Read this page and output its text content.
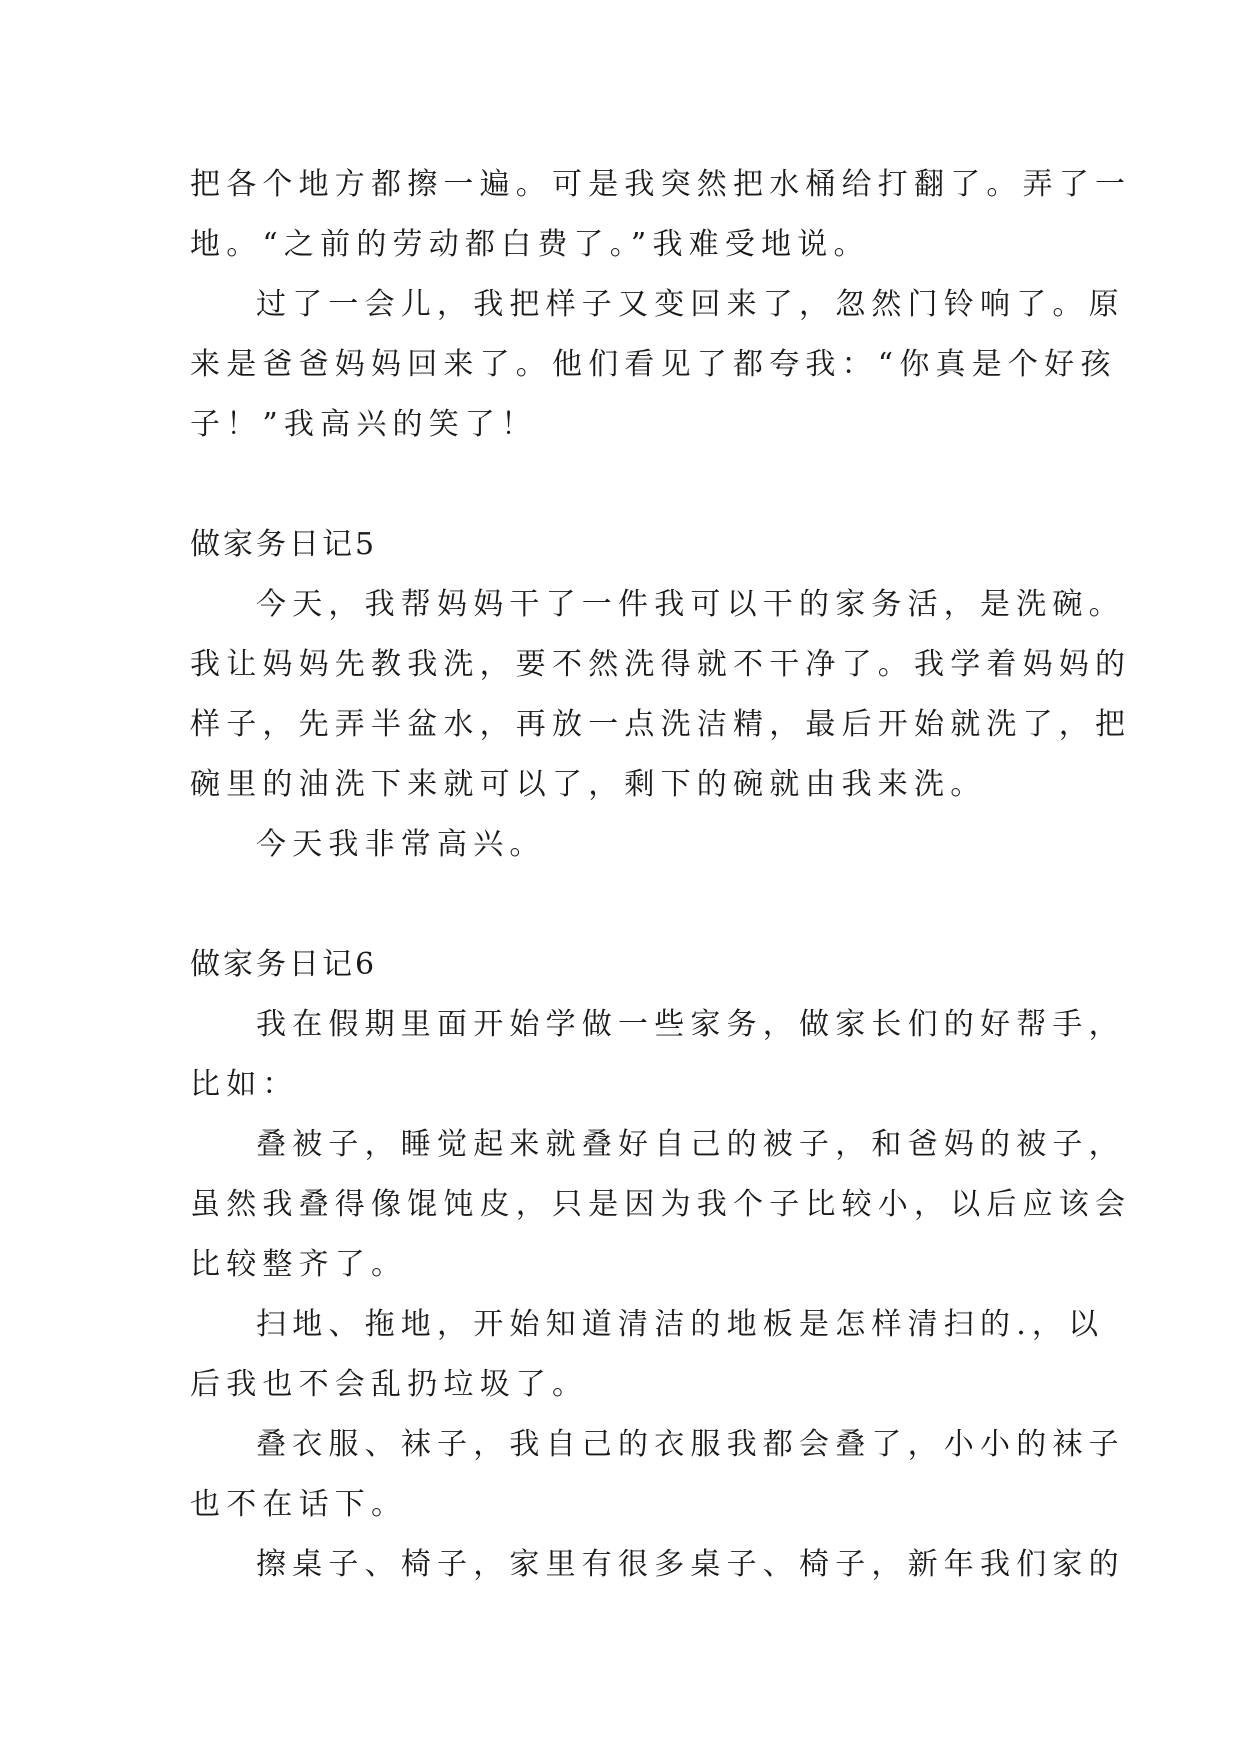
把各个地方都擦一遍。可是我突然把水桶给打翻了。弄了一

地。“之前的劳动都白费了。”我难受地说。

过了一会儿，我把样子又变回来了，忽然门铃响了。原

来是爸爸妈妈回来了。他们看见了都夸我：“你真是个好孩

子！”我高兴的笑了！

做家务日记5

今天，我帮妈妈干了一件我可以干的家务活，是洗碗。

我让妈妈先教我洗，要不然洗得就不干净了。我学着妈妈的

样子，先弄半盆水，再放一点洗洁精，最后开始就洗了，把

碗里的油洗下来就可以了，剩下的碗就由我来洗。

今天我非常高兴。

做家务日记6

我在假期里面开始学做一些家务，做家长们的好帮手，

比如：

叠被子，睡觉起来就叠好自己的被子，和爸妈的被子，

虽然我叠得像馄饨皮，只是因为我个子比较小，以后应该会

比较整齐了。

扫地、拖地，开始知道清洁的地板是怎样清扫的.，以

后我也不会乱扔垃圾了。

叠衣服、袜子，我自己的衣服我都会叠了，小小的袜子

也不在话下。

擦桌子、椅子，家里有很多桌子、椅子，新年我们家的
